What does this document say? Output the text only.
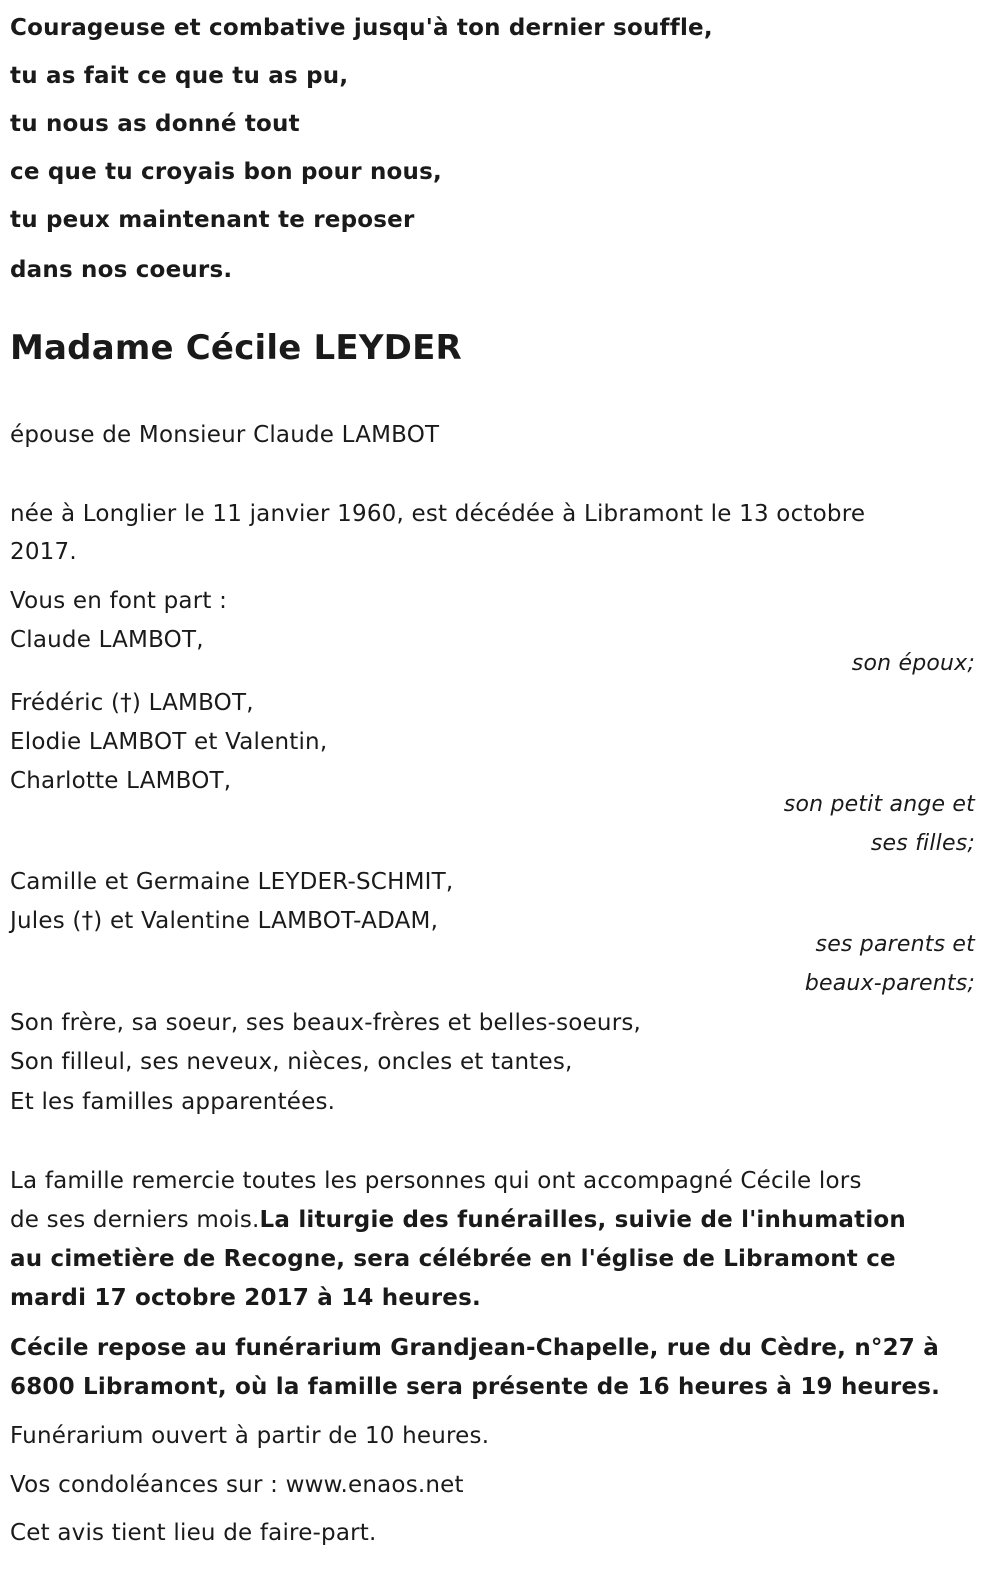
Courageuse et combative jusqu'à ton dernier souffle,
tu as fait ce que tu as pu,
tu nous as donné tout
ce que tu croyais bon pour nous,
tu peux maintenant te reposer
dans nos coeurs.
Madame Cécile LEYDER
épouse de Monsieur Claude LAMBOT
née à Longlier le 11 janvier 1960, est décédée à Libramont le 13 octobre
2017.
Vous en font part :
Claude LAMBOT,
son époux;
Frédéric (†) LAMBOT,
Elodie LAMBOT et Valentin,
Charlotte LAMBOT,
son petit ange et
ses filles;
Camille et Germaine LEYDER-SCHMIT,
Jules (†) et Valentine LAMBOT-ADAM,
ses parents et
beaux-parents;
Son frère, sa soeur, ses beaux-frères et belles-soeurs,
Son filleul, ses neveux, nièces, oncles et tantes,
Et les familles apparentées.
La famille remercie toutes les personnes qui ont accompagné Cécile lors
de ses derniers mois.La liturgie des funérailles, suivie de l'inhumation
au cimetière de Recogne, sera célébrée en l'église de Libramont ce
mardi 17 octobre 2017 à 14 heures.
Cécile repose au funérarium Grandjean-Chapelle, rue du Cèdre, n°27 à
6800 Libramont, où la famille sera présente de 16 heures à 19 heures.
Funérarium ouvert à partir de 10 heures.
Vos condoléances sur : www.enaos.net
Cet avis tient lieu de faire-part.
